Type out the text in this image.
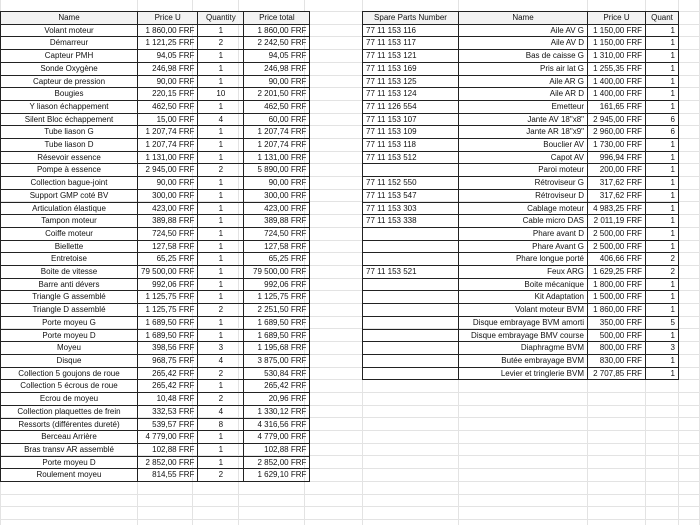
Name	Price U	Quantity	Price total
Volant moteur	1 860,00 FRF	1	1 860,00 FRF
Démarreur	1 121,25 FRF	2	2 242,50 FRF
Capteur PMH	94,05 FRF	1	94,05 FRF
Sonde Oxygène	246,98 FRF	1	246,98 FRF
Capteur de pression	90,00 FRF	1	90,00 FRF
Bougies	220,15 FRF	10	2 201,50 FRF
Y liason échappement	462,50 FRF	1	462,50 FRF
Silent Bloc échappement	15,00 FRF	4	60,00 FRF
Tube liason G	1 207,74 FRF	1	1 207,74 FRF
Tube liason D	1 207,74 FRF	1	1 207,74 FRF
Résevoir essence	1 131,00 FRF	1	1 131,00 FRF
Pompe à essence	2 945,00 FRF	2	5 890,00 FRF
Collection bague-joint	90,00 FRF	1	90,00 FRF
Support GMP coté BV	300,00 FRF	1	300,00 FRF
Articulation élastique	423,00 FRF	1	423,00 FRF
Tampon moteur	389,88 FRF	1	389,88 FRF
Coiffe moteur	724,50 FRF	1	724,50 FRF
Biellette	127,58 FRF	1	127,58 FRF
Entretoise	65,25 FRF	1	65,25 FRF
Boite de vitesse	79 500,00 FRF	1	79 500,00 FRF
Barre anti dévers	992,06 FRF	1	992,06 FRF
Triangle G assemblé	1 125,75 FRF	1	1 125,75 FRF
Triangle D assemblé	1 125,75 FRF	2	2 251,50 FRF
Porte moyeu G	1 689,50 FRF	1	1 689,50 FRF
Porte moyeu D	1 689,50 FRF	1	1 689,50 FRF
Moyeu	398,56 FRF	3	1 195,68 FRF
Disque	968,75 FRF	4	3 875,00 FRF
Collection 5 goujons de roue	265,42 FRF	2	530,84 FRF
Collection 5 écrous de roue	265,42 FRF	1	265,42 FRF
Ecrou de moyeu	10,48 FRF	2	20,96 FRF
Collection plaquettes de frein	332,53 FRF	4	1 330,12 FRF
Ressorts (différentes dureté)	539,57 FRF	8	4 316,56 FRF
Berceau Arrière	4 779,00 FRF	1	4 779,00 FRF
Bras transv AR assemblé	102,88 FRF	1	102,88 FRF
Porte moyeu D	2 852,00 FRF	1	2 852,00 FRF
Roulement moyeu	814,55 FRF	2	1 629,10 FRF
Spare Parts Number	Name	Price U	Quant
77 11 153 116	Aile AV G	1 150,00 FRF	1
77 11 153 117	Aile AV D	1 150,00 FRF	1
77 11 153 121	Bas de caisse G	1 310,00 FRF	1
77 11 153 169	Pris air lat G	1 255,35 FRF	1
77 11 153 125	Aile AR G	1 400,00 FRF	1
77 11 153 124	Aile AR D	1 400,00 FRF	1
77 11 126 554	Emetteur	161,65 FRF	1
77 11 153 107	Jante AV 18"x8"	2 945,00 FRF	6
77 11 153 109	Jante AR 18"x9"	2 960,00 FRF	6
77 11 153 118	Bouclier AV	1 730,00 FRF	1
77 11 153 512	Capot AV	996,94 FRF	1
	Paroi moteur	200,00 FRF	1
77 11 152 550	Rétroviseur G	317,62 FRF	1
77 11 153 547	Rétroviseur D	317,62 FRF	1
77 11 153 303	Cablage moteur	4 983,25 FRF	1
77 11 153 338	Cable micro DAS	2 011,19 FRF	1
	Phare avant D	2 500,00 FRF	1
	Phare Avant G	2 500,00 FRF	1
	Phare longue porté	406,66 FRF	2
77 11 153 521	Feux ARG	1 629,25 FRF	2
	Boite mécanique	1 800,00 FRF	1
	Kit Adaptation	1 500,00 FRF	1
	Volant moteur BVM	1 860,00 FRF	1
	Disque embrayage BVM amorti	350,00 FRF	5
	Disque embrayage BMV course	500,00 FRF	1
	Diaphragme BVM	800,00 FRF	3
	Butée embrayage BVM	830,00 FRF	1
	Levier et tringlerie BVM	2 707,85 FRF	1
